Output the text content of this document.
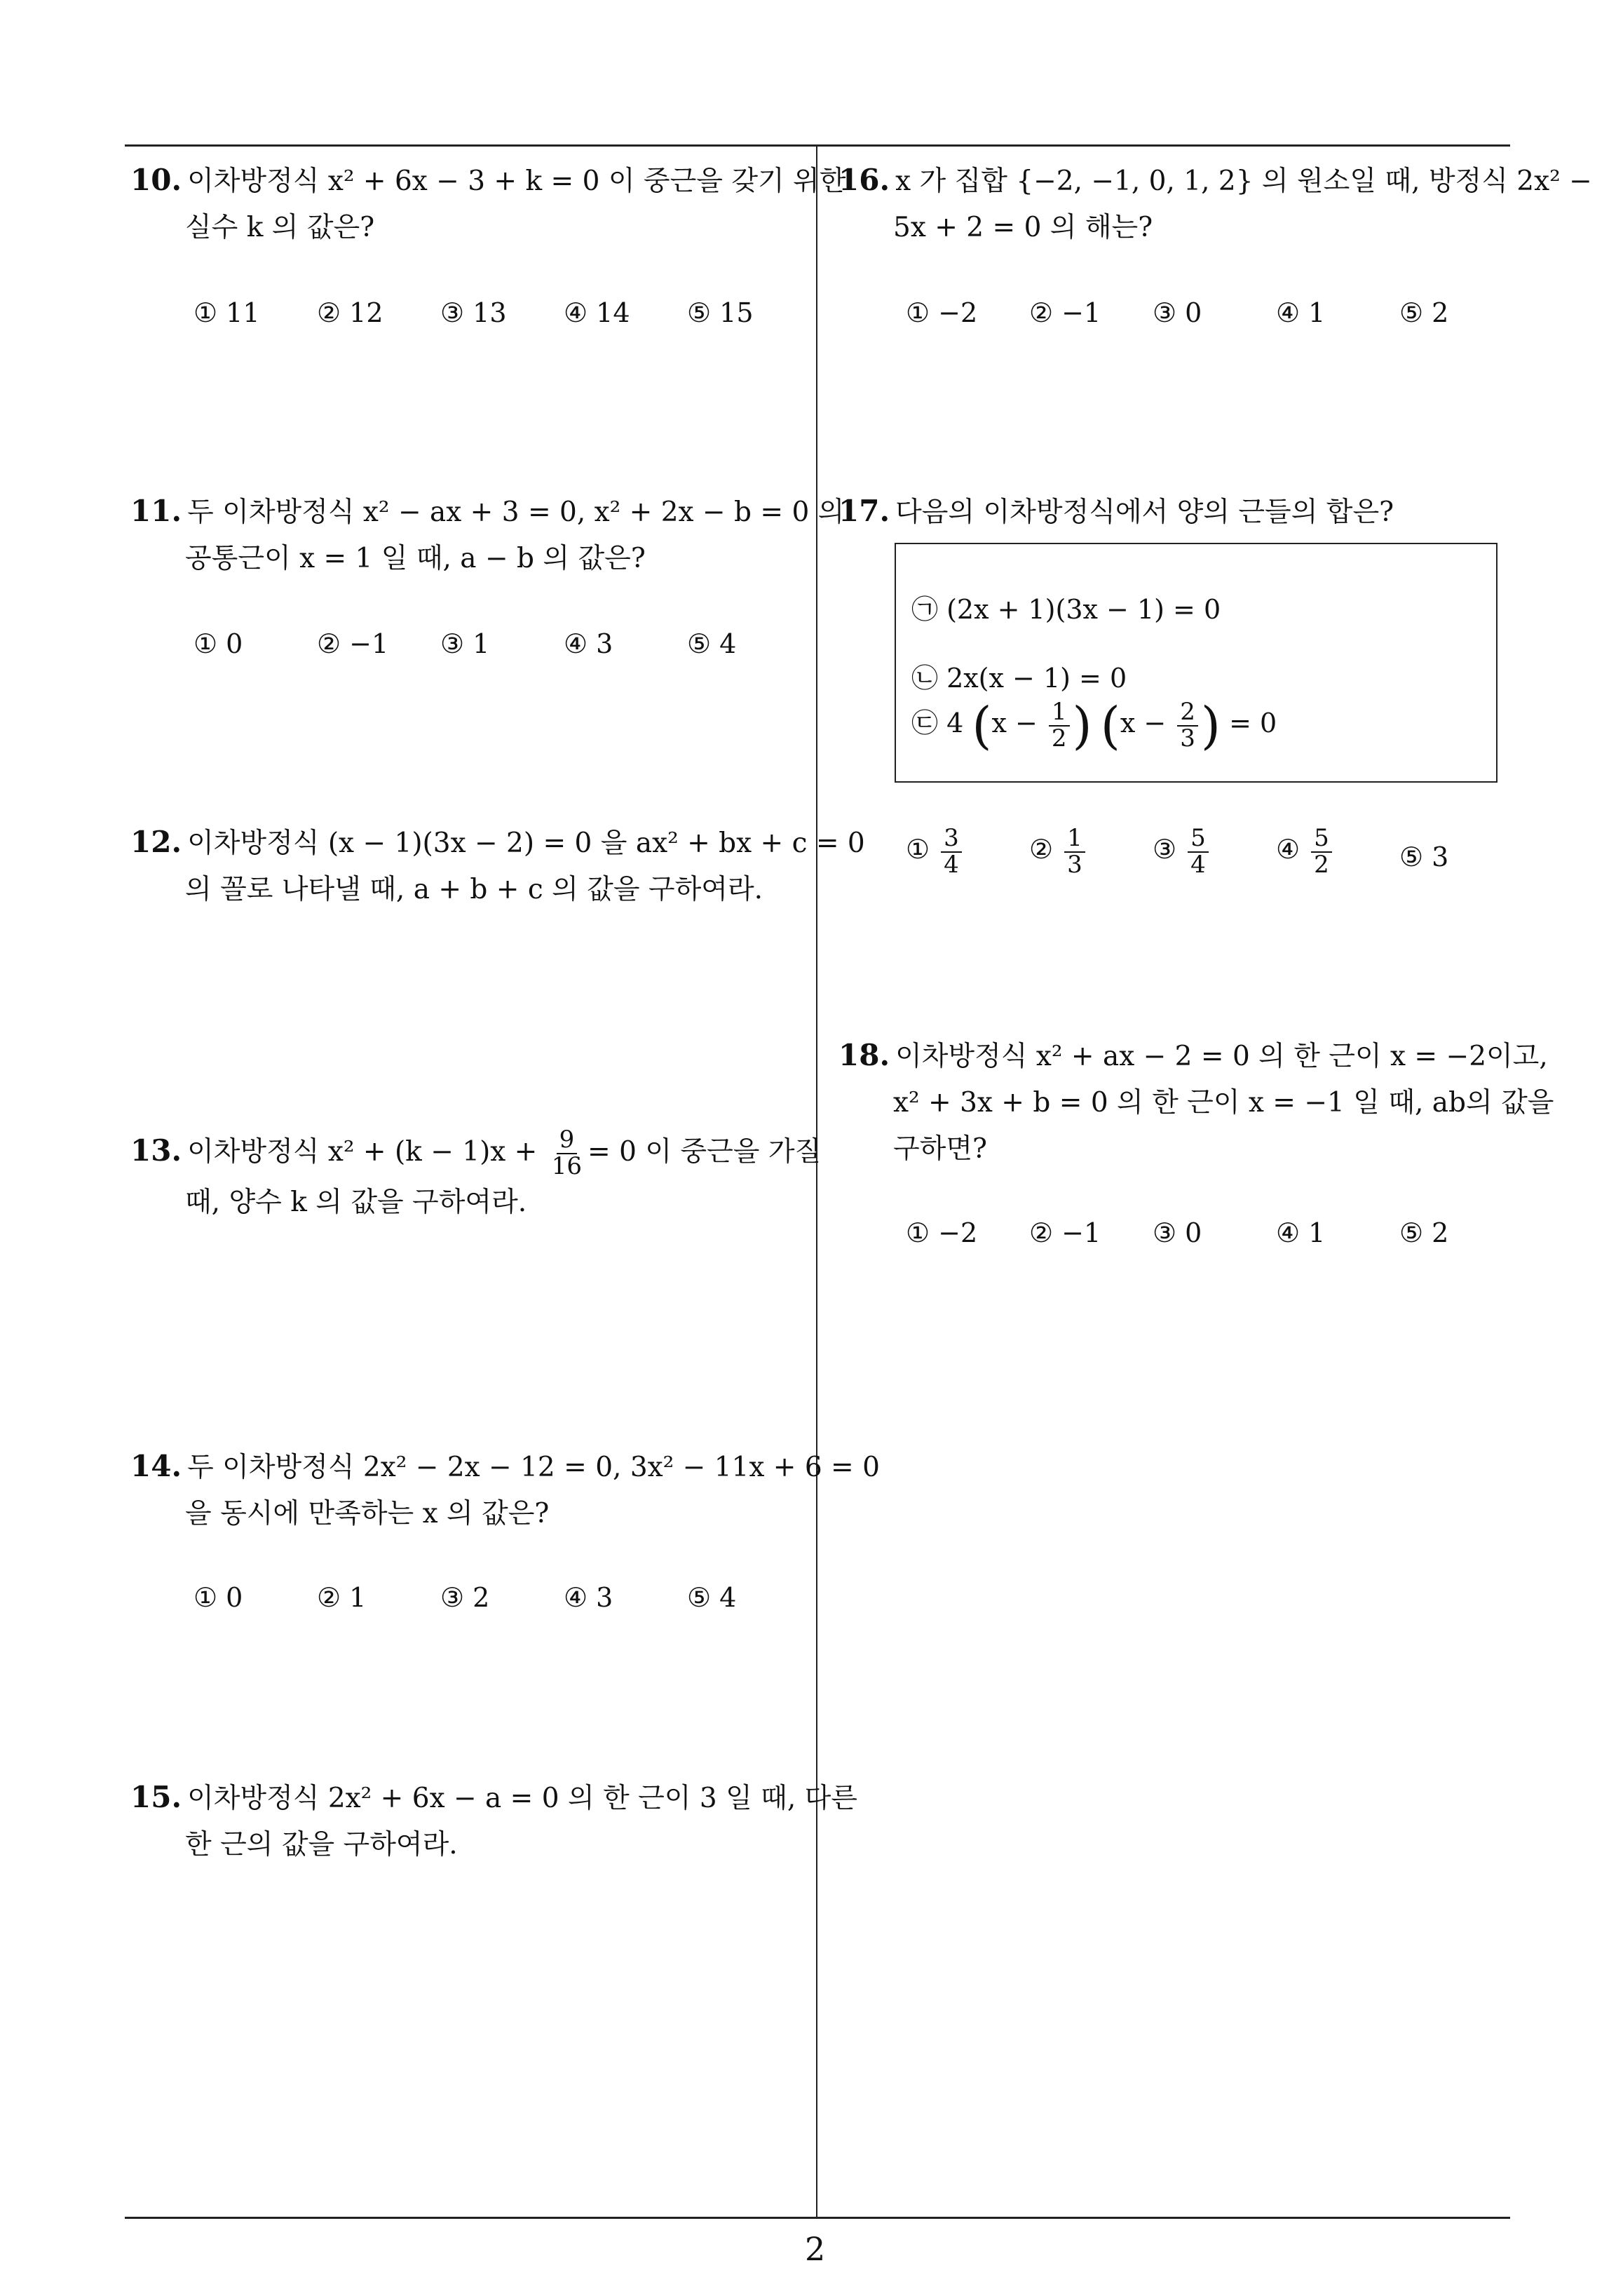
10. 이차방정식 x² + 6x − 3 + k = 0 이 중근을 갖기 위한
실수 k 의 값은?
① 11 ② 12 ③ 13 ④ 14 ⑤ 15
11. 두 이차방정식 x² − ax + 3 = 0, x² + 2x − b = 0 의
공통근이 x = 1 일 때, a − b 의 값은?
① 0	② −1 ③ 1	④ 3	⑤ 4
12. 이차방정식 (x − 1)(3x − 2) = 0 을 ax² + bx + c = 0
의 꼴로 나타낼 때, a + b + c 의 값을 구하여라.
13. 이차방정식 $x^2 + (k - 1)x + \frac{9}{16} = 0$ 이 중근을 가질
때, 양수 k 의 값을 구하여라.
14. 두 이차방정식 2x² − 2x − 12 = 0, 3x² − 11x + 6 = 0
을 동시에 만족하는 x 의 값은?
① 0	② 1	③ 2	④ 3	⑤ 4
15. 이차방정식 2x² + 6x − a = 0 의 한 근이 3 일 때, 다른
한 근의 값을 구하여라.
16. x 가 집합 {−2, −1, 0, 1, 2} 의 원소일 때, 방정식 2x² −
5x + 2 = 0 의 해는?
① −2 ② −1 ③ 0	④ 1	⑤ 2
17. 다음의 이차방정식에서 양의 근들의 합은?
㉠ (2x + 1)(3x − 1) = 0
㉡ 2x(x − 1) = 0
㉢ 4 ($x - \frac{1}{2}$ ) ($x - \frac{2}{3}$ ) = 0
① $\frac{3}{4}$	② $\frac{1}{3}$	③ $\frac{5}{4}$	④ $\frac{5}{2}$	⑤ 3
18. 이차방정식 x² + ax − 2 = 0 의 한 근이 x = −2이고,
x² + 3x + b = 0 의 한 근이 x = −1 일 때, ab의 값을
구하면?
① −2 ② −1 ③ 0	④ 1	⑤ 2
2
